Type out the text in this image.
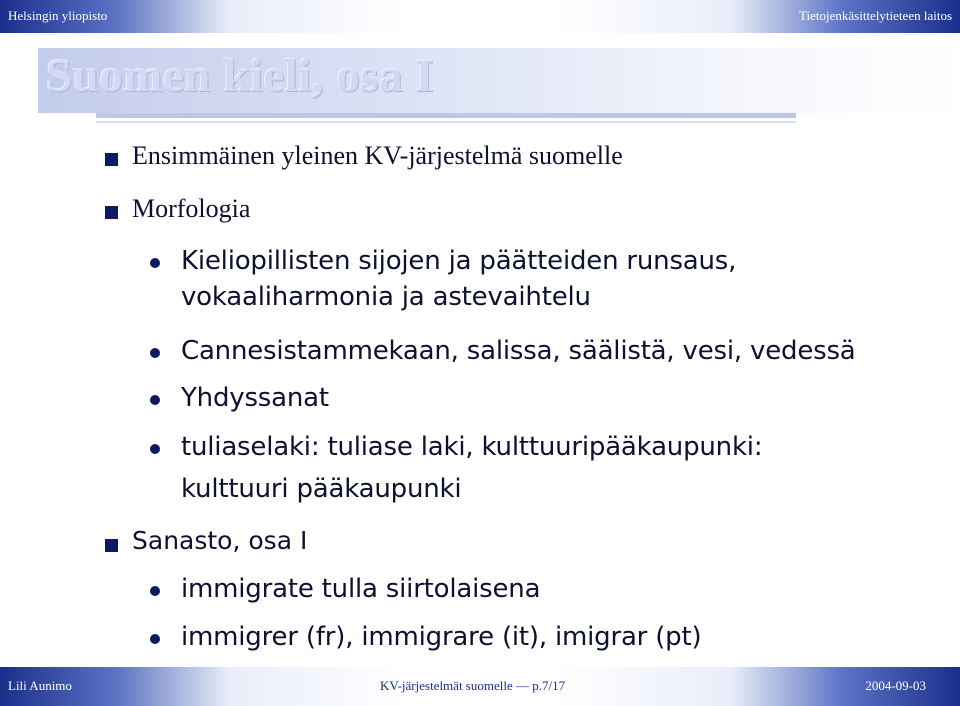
Helsingin yliopisto	Tietojenkäsittelytieteen laitos
Suomen kieli, osa I
Ensimmäinen yleinen KV-järjestelmä suomelle
Morfologia
Kieliopillisten sijojen ja päätteiden runsaus,
vokaaliharmonia ja astevaihtelu
Cannesistammekaan, salissa, säälistä, vesi, vedessä
Yhdyssanat
tuliaselaki: tuliase laki, kulttuuripääkaupunki:
kulttuuri pääkaupunki
Sanasto, osa I
immigrate tulla siirtolaisena
immigrer (fr), immigrare (it), imigrar (pt)
Lili Aunimo	KV-järjestelmät suomelle — p.7/17	2004-09-03
